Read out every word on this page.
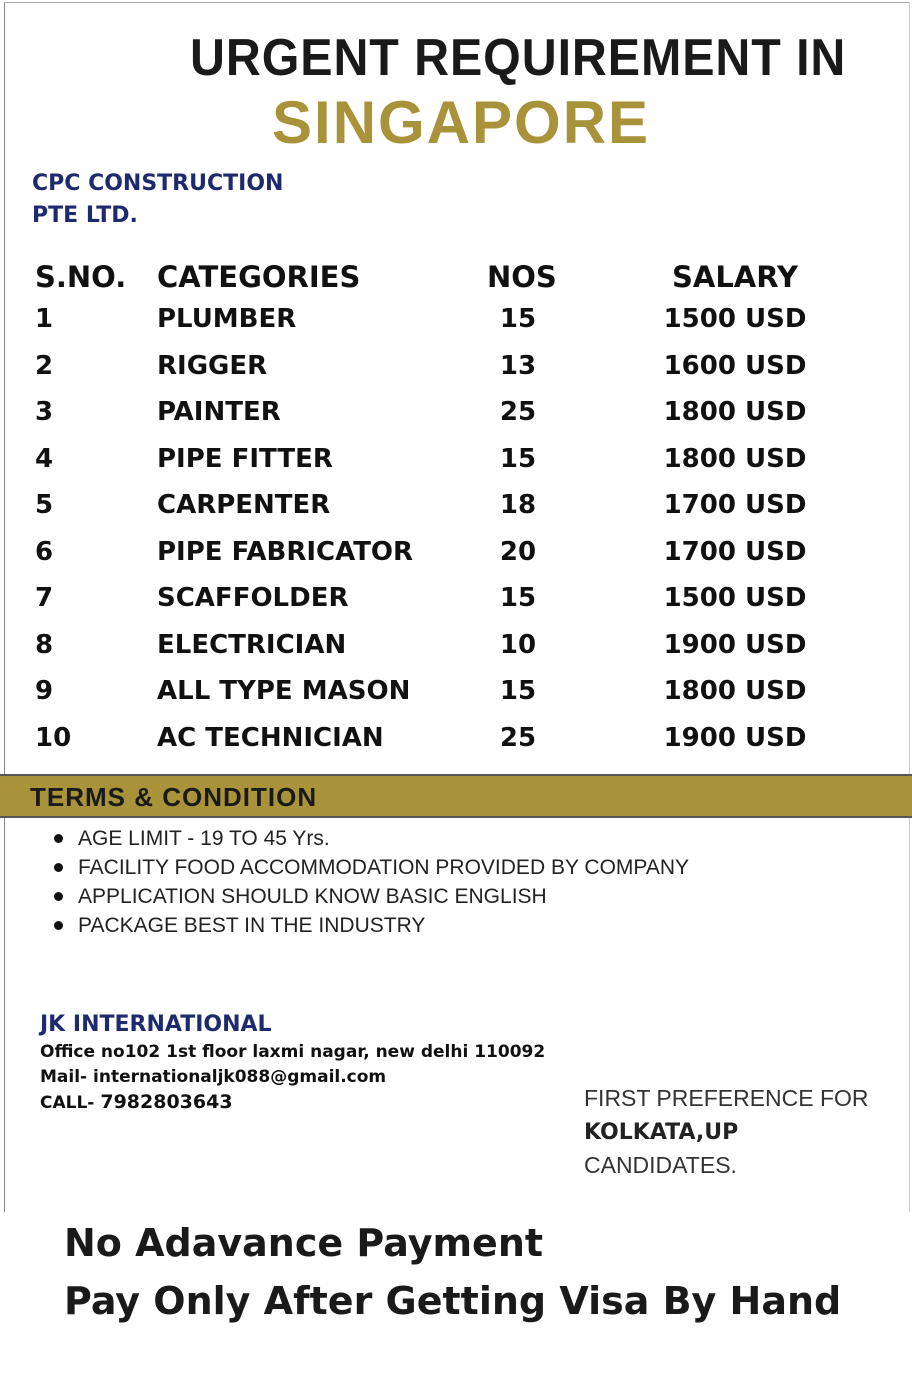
URGENT REQUIREMENT IN
SINGAPORE
CPC CONSTRUCTION
PTE LTD.
S.NO. CATEGORIES	NOS	SALARY
1	PLUMBER	15	1500 USD
2	RIGGER	13	1600 USD
3	PAINTER	25	1800 USD
4	PIPE FITTER	15	1800 USD
5	CARPENTER	18	1700 USD
6	PIPE FABRICATOR	20	1700 USD
7	SCAFFOLDER	15	1500 USD
8	ELECTRICIAN	10	1900 USD
9	ALL TYPE MASON	15	1800 USD
10	AC TECHNICIAN	25	1900 USD
TERMS & CONDITION
AGE LIMIT - 19 TO 45 Yrs.
FACILITY FOOD ACCOMMODATION PROVIDED BY COMPANY
APPLICATION SHOULD KNOW BASIC ENGLISH
PACKAGE BEST IN THE INDUSTRY
JK INTERNATIONAL
Office no102 1st floor laxmi nagar, new delhi 110092
Mail- internationaljk088@gmail.com
CALL- 7982803643	FIRST PREFERENCE FOR
KOLKATA,UP
CANDIDATES.
No Adavance Payment
Pay Only After Getting Visa By Hand
